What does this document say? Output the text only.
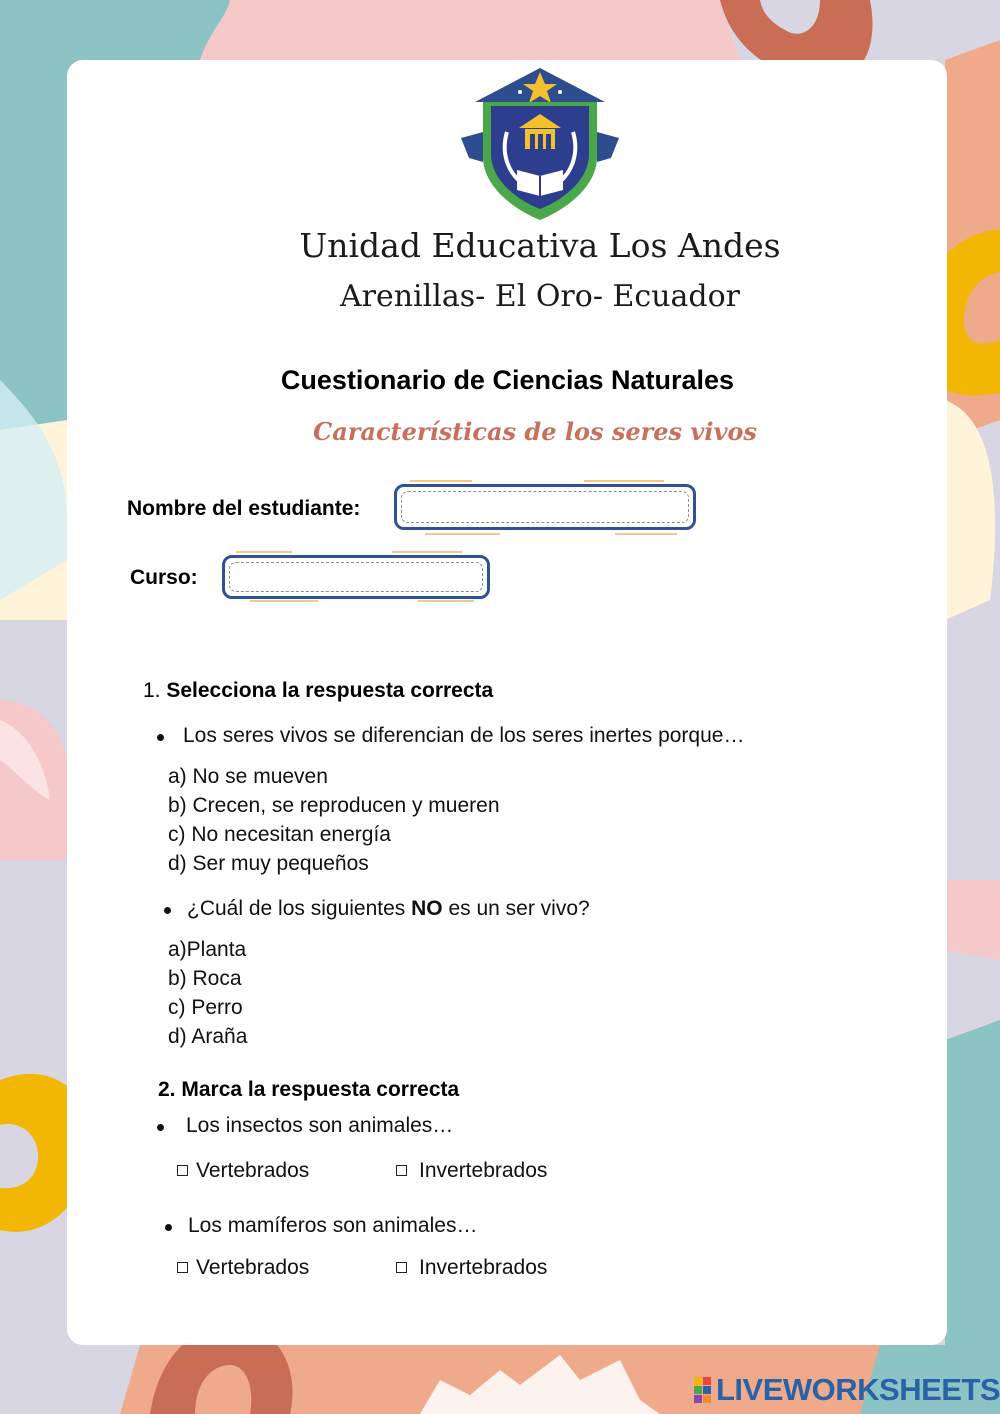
Unidad Educativa Los Andes
Arenillas- El Oro- Ecuador
Cuestionario de Ciencias Naturales
Características de los seres vivos
Nombre del estudiante:
Curso:
1. Selecciona la respuesta correcta
Los seres vivos se diferencian de los seres inertes porque…
a) No se mueven
b) Crecen, se reproducen y mueren
c) No necesitan energía
d) Ser muy pequeños
¿Cuál de los siguientes NO es un ser vivo?
a)Planta
b) Roca
c) Perro
d) Araña
2. Marca la respuesta correcta
Los insectos son animales…
Vertebrados	Invertebrados
Los mamíferos son animales…
Vertebrados	Invertebrados
LIVEWORKSHEETS
